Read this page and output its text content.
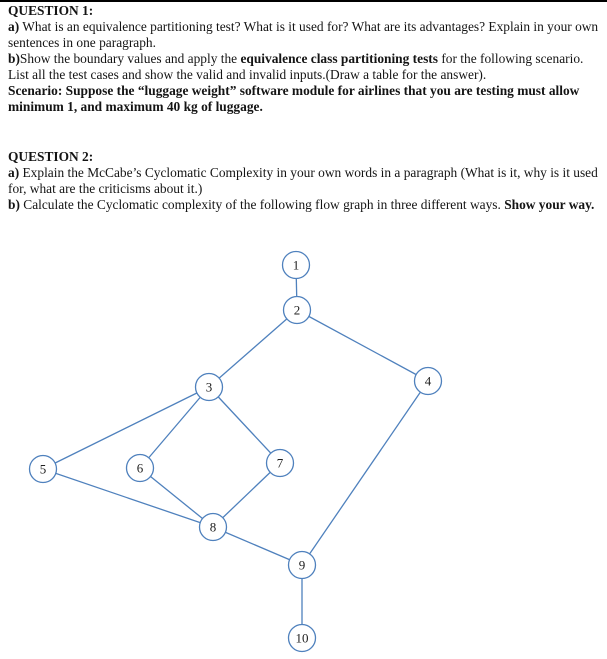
QUESTION 1:

a) What is an equivalence partitioning test? What is it used for? What are its advantages? Explain in your own sentences in one paragraph.

b)Show the boundary values and apply the equivalence class partitioning tests for the following scenario. List all the test cases and show the valid and invalid inputs.(Draw a table for the answer).

Scenario: Suppose the “luggage weight” software module for airlines that you are testing must allow minimum 1, and maximum 40 kg of luggage.

QUESTION 2:

a) Explain the McCabe’s Cyclomatic Complexity in your own words in a paragraph (What is it, why is it used for, what are the criticisms about it.)

b) Calculate the Cyclomatic complexity of the following flow graph in three different ways. Show your way.

1
2
3	4
5	6	7
8
9
10
